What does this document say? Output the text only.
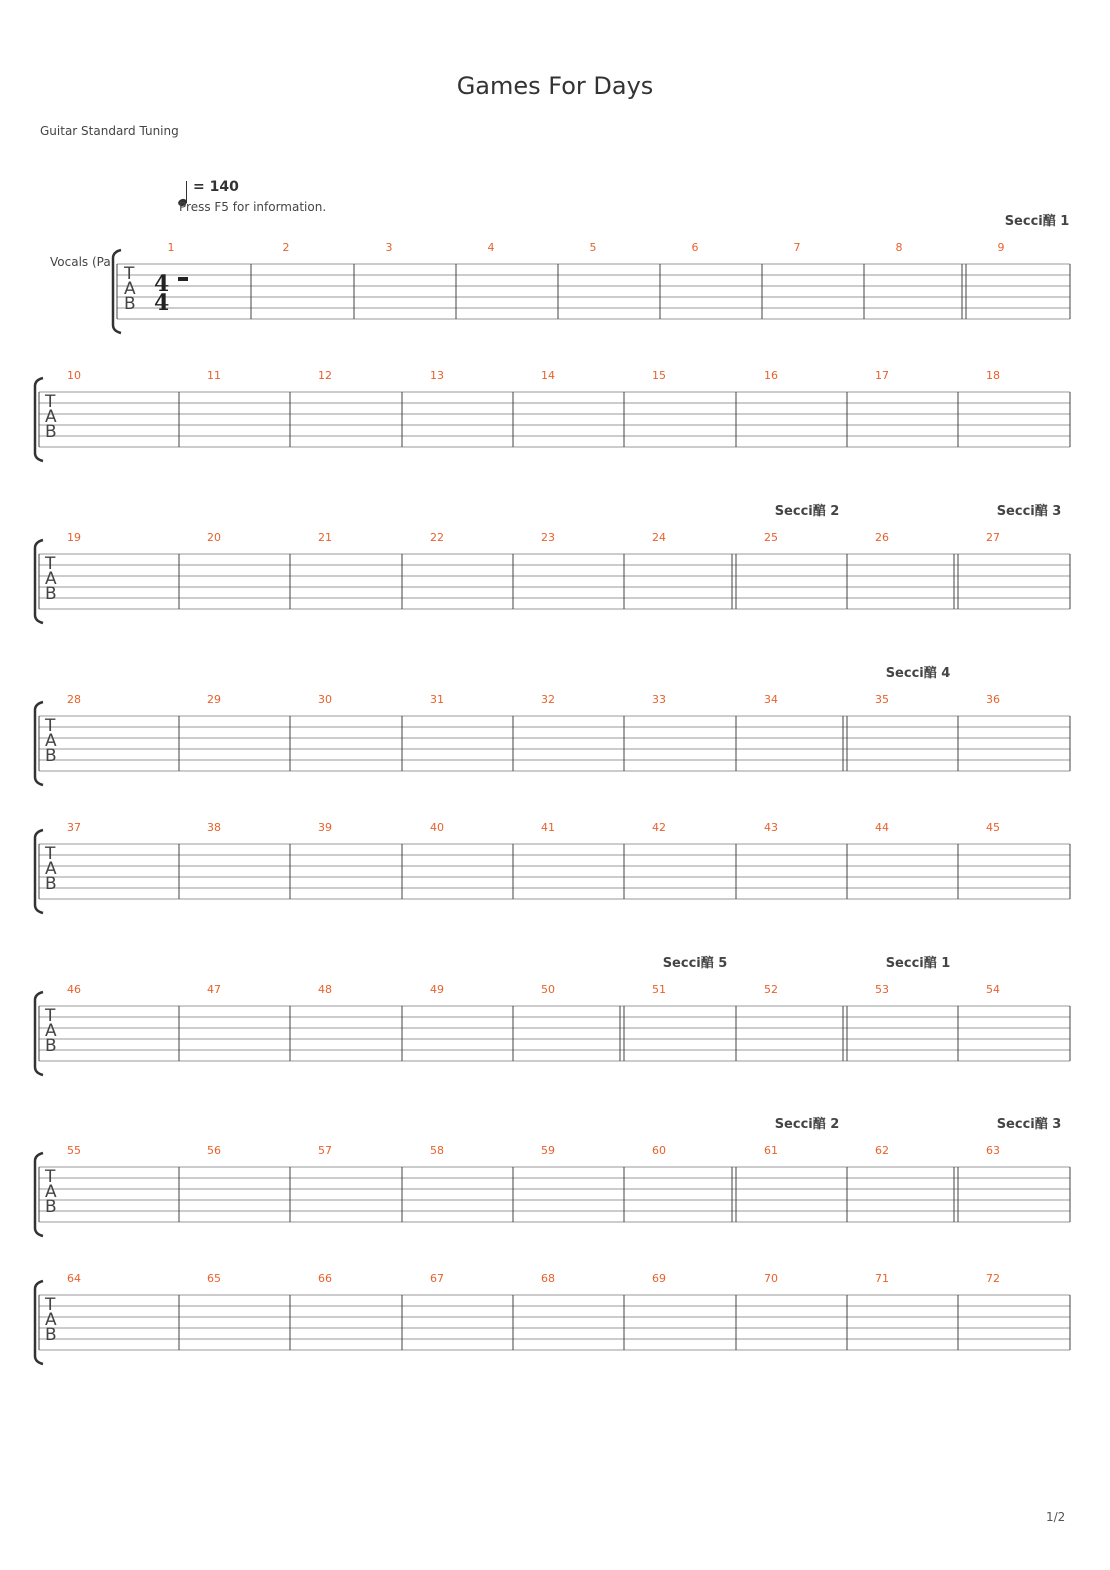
Games For Days
Guitar Standard Tuning
= 140
Press F5 for information.
Vocals (Pa
1	2	3	4	5	6	7	8	9
Secci醕 1
T
A
B
4
4
10	11	12	13	14	15	16	17	18
T
A
B
19	20	21	22	23	24	25	26	27
Secci醕 2	Secci醕 3
T
A
B
28	29	30	31	32	33	34	35	36
Secci醕 4
T
A
B
37	38	39	40	41	42	43	44	45
T
A
B
46	47	48	49	50	51	52	53	54
Secci醕 5	Secci醕 1
T
A
B
55	56	57	58	59	60	61	62	63
Secci醕 2	Secci醕 3
T
A
B
64	65	66	67	68	69	70	71	72
T
A
B
1/2
